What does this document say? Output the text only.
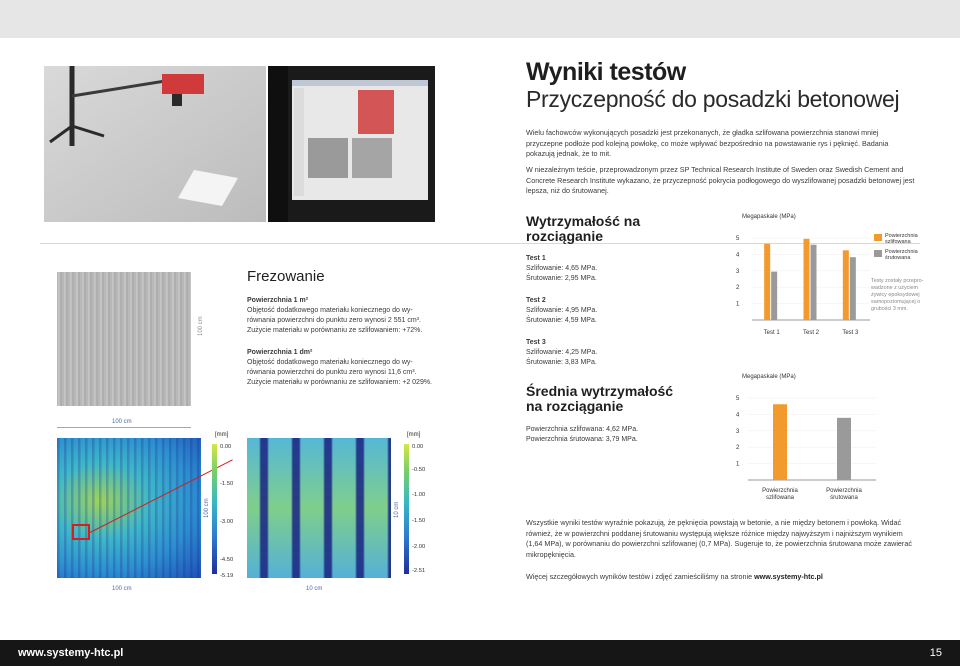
Wyniki testów
Przyczepność do posadzki betonowej
Wielu fachowców wykonujących posadzki jest przekonanych, że gładka szlifowana powierzchnia stanowi mniej przyczepne podłoże pod kolejną powłokę, co może wpływać bezpośrednio na powstawanie rys i pęknięć. Badania pokazują jednak, że to mit.
W niezależnym teście, przeprowadzonym przez SP Technical Research Institute of Sweden oraz Swedish Cement and Concrete Research Institute wykazano, że przyczepność pokrycia podłogowego do wyszlifowanej posadzki betonowej jest lepsza, niż do śrutowanej.
100 cm
100 cm
Frezowanie
Powierzchnia 1 m²
Objętość dodatkowego materiału koniecznego do wy-
równania powierzchni do punktu zero wynosi 2 551 cm³.
Zużycie materiału w porównaniu ze szlifowaniem: +72%.
Powierzchnia 1 dm²
Objętość dodatkowego materiału koniecznego do wy-
równania powierzchni do punktu zero wynosi 11,6 cm³.
Zużycie materiału w porównaniu ze szlifowaniem: +2 029%.
100 cm
100 cm
[mm]
0.00
-1.50
-3.00
-4.50
-5.19
10 cm
10 cm
[mm]
0.00
-0.50
-1.00
-1.50
-2.00
-2.51
Wytrzymałość na
rozciąganie
Test 1
Szlifowanie: 4,65 MPa.
Śrutowanie: 2,95 MPa.
Test 2
Szlifowanie: 4,95 MPa.
Śrutowanie: 4,59 MPa.
Test 3
Szlifowanie: 4,25 MPa.
Śrutowanie: 3,83 MPa.
Średnia wytrzymałość
na rozciąganie
Powierzchnia szlifowana: 4,62 MPa.
Powierzchnia śrutowana: 3,79 MPa.
Megapaskale (MPa)
1
2
3
4
5
Test 1	Test 2	Test 3
Powierzchnia
szlifowana
Powierzchnia
śrutowana
Testy zostały przepro-wadzone z użyciem żywicy epoksydowej samopoziomującej o grubości 3 mm.
Megapaskale (MPa)
1
2
3
4
5
Powierzchnia
szlifowana
Powierzchnia
śrutowana
Wszystkie wyniki testów wyraźnie pokazują, że pęknięcia powstają w betonie, a nie między betonem i powłoką. Widać również, że w powierzchni poddanej śrutowaniu występują większe różnice między najwyższym i najniższym wynikiem (1,64 MPa), w porównaniu do powierzchni szlifowanej (0,7 MPa). Sugeruje to, że powierzchnia śrutowana może zawierać mikropęknięcia.
Więcej szczegółowych wyników testów i zdjęć zamieściliśmy na stronie www.systemy-htc.pl
www.systemy-htc.pl	15
